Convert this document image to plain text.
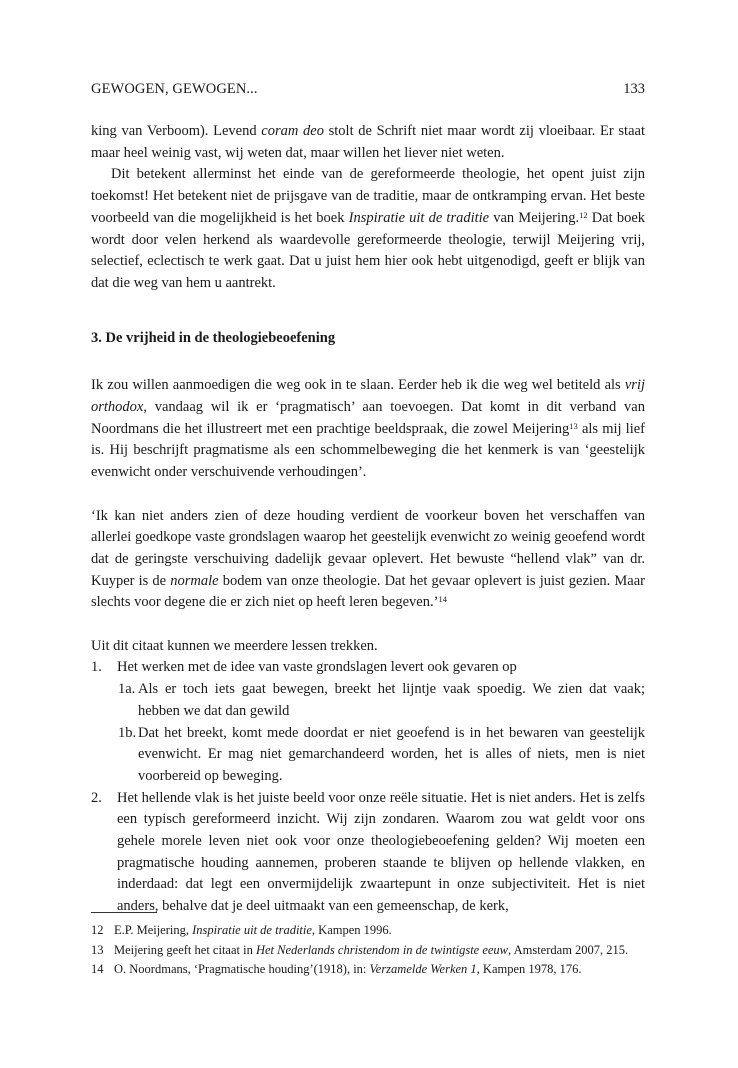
GEWOGEN, GEWOGEN...	133

king van Verboom). Levend coram deo stolt de Schrift niet maar wordt zij vloeibaar. Er staat maar heel weinig vast, wij weten dat, maar willen het liever niet weten.

Dit betekent allerminst het einde van de gereformeerde theologie, het opent juist zijn toekomst! Het betekent niet de prijsgave van de traditie, maar de ontkramping ervan. Het beste voorbeeld van die mogelijkheid is het boek Inspiratie uit de traditie van Meijering.$^{12}$ Dat boek wordt door velen herkend als waardevolle gereformeerde theologie, terwijl Meijering vrij, selectief, eclectisch te werk gaat. Dat u juist hem hier ook hebt uitgenodigd, geeft er blijk van dat die weg van hem u aantrekt.

3. De vrijheid in de theologiebeoefening

Ik zou willen aanmoedigen die weg ook in te slaan. Eerder heb ik die weg wel betiteld als vrij orthodox, vandaag wil ik er ‘pragmatisch’ aan toevoegen. Dat komt in dit verband van Noordmans die het illustreert met een prachtige beeldspraak, die zowel Meijering$^{13}$ als mij lief is. Hij beschrijft pragmatisme als een schommelbeweging die het kenmerk is van ‘geestelijk evenwicht onder verschuivende verhoudingen’.

‘Ik kan niet anders zien of deze houding verdient de voorkeur boven het verschaffen van allerlei goedkope vaste grondslagen waarop het geestelijk evenwicht zo weinig geoefend wordt dat de geringste verschuiving dadelijk gevaar oplevert. Het bewuste “hellend vlak” van dr. Kuyper is de normale bodem van onze theologie. Dat het gevaar oplevert is juist gezien. Maar slechts voor degene die er zich niet op heeft leren begeven.’$^{14}$

Uit dit citaat kunnen we meerdere lessen trekken.

1. Het werken met de idee van vaste grondslagen levert ook gevaren op
1a. Als er toch iets gaat bewegen, breekt het lijntje vaak spoedig. We zien dat vaak; hebben we dat dan gewild
1b. Dat het breekt, komt mede doordat er niet geoefend is in het bewaren van geestelijk evenwicht. Er mag niet gemarchandeerd worden, het is alles of niets, men is niet voorbereid op beweging.
2. Het hellende vlak is het juiste beeld voor onze reële situatie. Het is niet anders. Het is zelfs een typisch gereformeerd inzicht. Wij zijn zondaren. Waarom zou wat geldt voor ons gehele morele leven niet ook voor onze theologiebeoefening gelden? Wij moeten een pragmatische houding aannemen, proberen staande te blijven op hellende vlakken, en inderdaad: dat legt een onvermijdelijk zwaartepunt in onze subjectiviteit. Het is niet anders, behalve dat je deel uitmaakt van een gemeenschap, de kerk,
12 E.P. Meijering, Inspiratie uit de traditie, Kampen 1996.
13 Meijering geeft het citaat in Het Nederlands christendom in de twintigste eeuw, Amsterdam 2007, 215.
14 O. Noordmans, ‘Pragmatische houding’(1918), in: Verzamelde Werken 1, Kampen 1978, 176.
